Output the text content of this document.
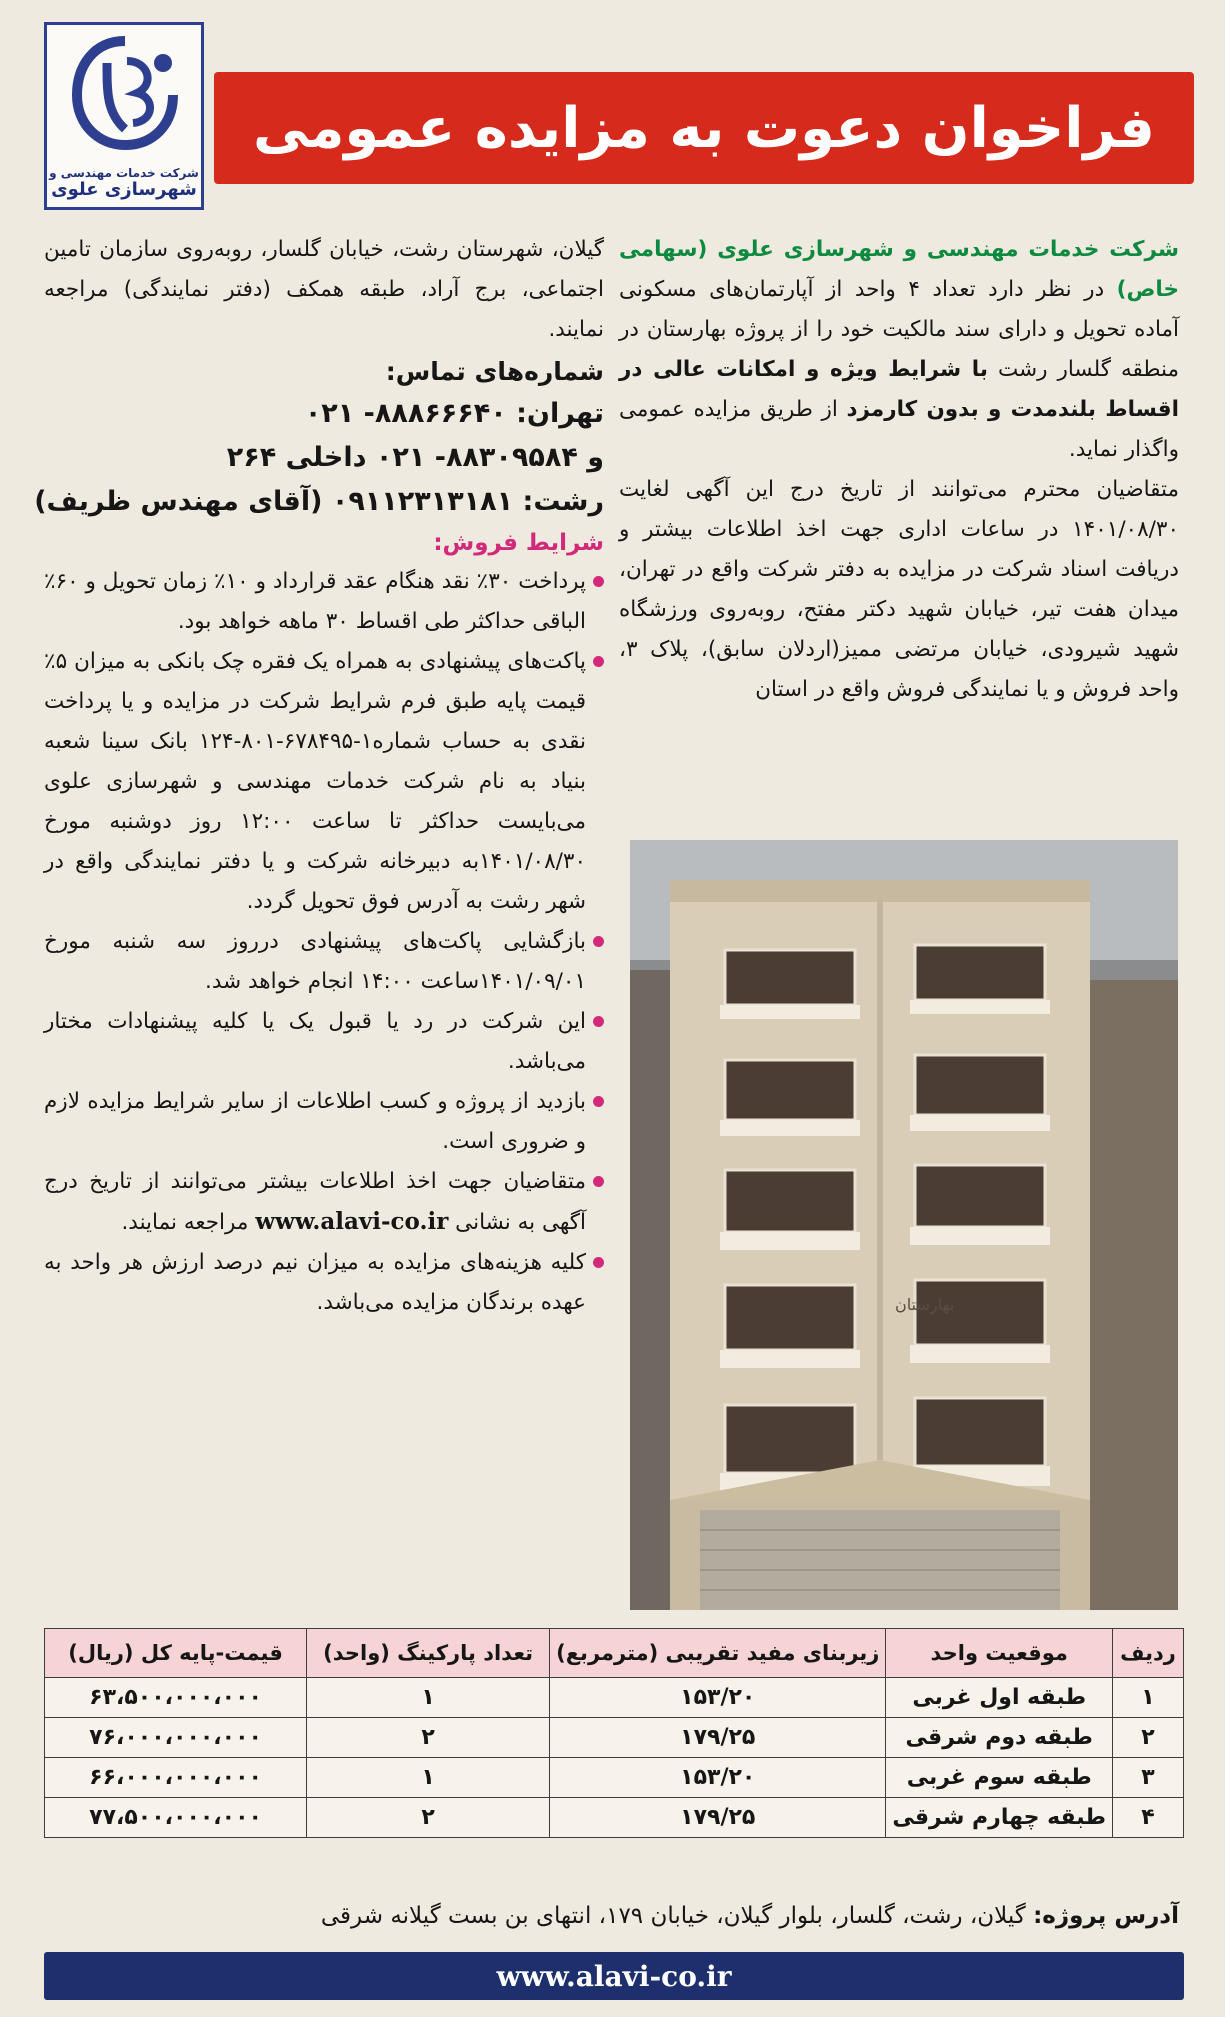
شرکت خدمات مهندسی و
شهرسازی علوی
فراخوان دعوت به مزایده عمومی
شرکت خدمات مهندسی و شهرسازی علوی (سهامی خاص) در نظر دارد تعداد ۴ واحد از آپارتمان‌های مسکونی آماده تحویل و دارای سند مالکیت خود را از پروژه بهارستان در منطقه گلسار رشت با شرایط ویژه و امکانات عالی در اقساط بلندمدت و بدون کارمزد از طریق مزایده عمومی واگذار نماید.
متقاضیان محترم می‌توانند از تاریخ درج این آگهی لغایت ۱۴۰۱/۰۸/۳۰ در ساعات اداری جهت اخذ اطلاعات بیشتر و دریافت اسناد شرکت در مزایده به دفتر شرکت واقع در تهران، میدان هفت تیر، خیابان شهید دکتر مفتح، روبه‌روی ورزشگاه شهید شیرودی، خیابان مرتضی ممیز(اردلان سابق)، پلاک ۳، واحد فروش و یا نمایندگی فروش واقع در استان
گیلان، شهرستان رشت، خیابان گلسار، روبه‌روی سازمان تامین اجتماعی، برج آراد، طبقه همکف (دفتر نمایندگی) مراجعه نمایند.
شماره‌های تماس:
تهران: ۸۸۸۶۶۶۴۰- ۰۲۱
و ۸۸۳۰۹۵۸۴- ۰۲۱ داخلی ۲۶۴
رشت: ۰۹۱۱۲۳۱۳۱۸۱ (آقای مهندس ظریف)
شرایط فروش:
پرداخت ۳۰٪ نقد هنگام عقد قرارداد و ۱۰٪ زمان تحویل و ۶۰٪ الباقی حداکثر طی اقساط ۳۰ ماهه خواهد بود.
پاکت‌های پیشنهادی به همراه یک فقره چک بانکی به میزان ۵٪ قیمت پایه طبق فرم شرایط شرکت در مزایده و یا پرداخت نقدی به حساب شماره۱-۶۷۸۴۹۵-۸۰۱-۱۲۴ بانک سینا شعبه بنیاد به نام شرکت خدمات مهندسی و شهرسازی علوی می‌بایست حداکثر تا ساعت ۱۲:۰۰ روز دوشنبه مورخ ۱۴۰۱/۰۸/۳۰به دبیرخانه شرکت و یا دفتر نمایندگی واقع در شهر رشت به آدرس فوق تحویل گردد.
بازگشایی پاکت‌های پیشنهادی درروز سه شنبه مورخ ۱۴۰۱/۰۹/۰۱ساعت ۱۴:۰۰ انجام خواهد شد.
این شرکت در رد یا قبول یک یا کلیه پیشنهادات مختار می‌باشد.
بازدید از پروژه و کسب اطلاعات از سایر شرایط مزایده لازم و ضروری است.
متقاضیان جهت اخذ اطلاعات بیشتر می‌توانند از تاریخ درج آگهی به نشانی www.alavi-co.ir مراجعه نمایند.
کلیه هزینه‌های مزایده به میزان نیم درصد ارزش هر واحد به عهده برندگان مزایده می‌باشد.	بهارستان
ردیف	موقعیت واحد	زیربنای مفید تقریبی (مترمربع)	تعداد پارکینگ (واحد)	قیمت-پایه کل (ریال)
۱	طبقه اول غربی	۱۵۳/۲۰	۱	۶۳،۵۰۰،۰۰۰،۰۰۰
۲	طبقه دوم شرقی	۱۷۹/۲۵	۲	۷۶،۰۰۰،۰۰۰،۰۰۰
۳	طبقه سوم غربی	۱۵۳/۲۰	۱	۶۶،۰۰۰،۰۰۰،۰۰۰
۴	طبقه چهارم شرقی	۱۷۹/۲۵	۲	۷۷،۵۰۰،۰۰۰،۰۰۰
آدرس پروژه: گیلان، رشت، گلسار، بلوار گیلان، خیابان ۱۷۹، انتهای بن بست گیلانه شرقی
www.alavi-co.ir
